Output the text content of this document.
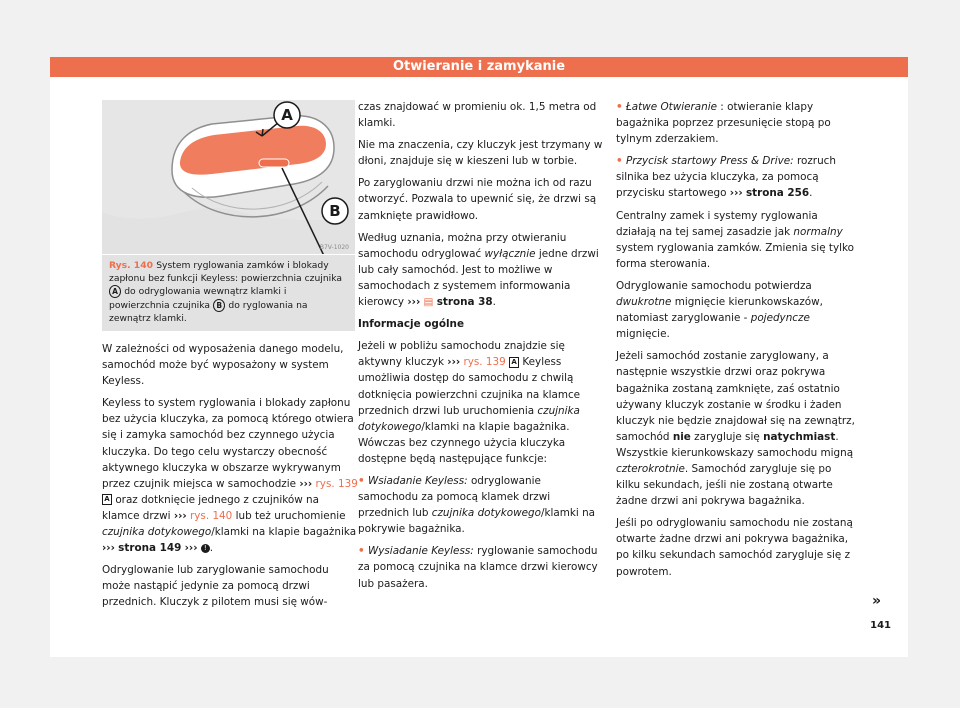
Otwieranie i zamykanie
A
B
B7V-1020
Rys. 140 System ryglowania zamków i blokady zapłonu bez funkcji Keyless: powierzchnia czujnika A do odryglowania wewnątrz klamki i powierzchnia czujnika B do ryglowania na zewnątrz klamki.

W zależności od wyposażenia danego modelu, samochód może być wyposażony w system Keyless.

Keyless to system ryglowania i blokady zapłonu bez użycia kluczyka, za pomocą którego otwiera się i zamyka samochód bez czynnego użycia kluczyka. Do tego celu wystarczy obecność aktywnego kluczyka w obszarze wykrywanym przez czujnik miejsca w samochodzie ››› rys. 139 A oraz dotknięcie jednego z czujników na klamce drzwi ››› rys. 140 lub też uruchomienie czujnika dotykowego/klamki na klapie bagażnika ››› strona 149 ››› ! .

Odryglowanie lub zaryglowanie samochodu może nastąpić jedynie za pomocą drzwi przednich. Kluczyk z pilotem musi się wów-

czas znajdować w promieniu ok. 1,5 metra od klamki.

Nie ma znaczenia, czy kluczyk jest trzymany w dłoni, znajduje się w kieszeni lub w torbie.

Po zaryglowaniu drzwi nie można ich od razu otworzyć. Pozwala to upewnić się, że drzwi są zamknięte prawidłowo.

Według uznania, można przy otwieraniu samochodu odryglować wyłącznie jedne drzwi lub cały samochód. Jest to możliwe w samochodach z systemem informowania kierowcy ››› ▤ strona 38.

Informacje ogólne

Jeżeli w pobliżu samochodu znajdzie się aktywny kluczyk ››› rys. 139 A Keyless umożliwia dostęp do samochodu z chwilą dotknięcia powierzchni czujnika na klamce przednich drzwi lub uruchomienia czujnika dotykowego/klamki na klapie bagażnika. Wówczas bez czynnego użycia kluczyka dostępne będą następujące funkcje:

• Wsiadanie Keyless: odryglowanie samochodu za pomocą klamek drzwi przednich lub czujnika dotykowego/klamki na pokrywie bagażnika.

• Wysiadanie Keyless: ryglowanie samochodu za pomocą czujnika na klamce drzwi kierowcy lub pasażera.

• Łatwe Otwieranie : otwieranie klapy bagażnika poprzez przesunięcie stopą po tylnym zderzakiem.

• Przycisk startowy Press & Drive: rozruch silnika bez użycia kluczyka, za pomocą przycisku startowego ››› strona 256.

Centralny zamek i systemy ryglowania działają na tej samej zasadzie jak normalny system ryglowania zamków. Zmienia się tylko forma sterowania.

Odryglowanie samochodu potwierdza dwukrotne mignięcie kierunkowskazów, natomiast zaryglowanie - pojedyncze mignięcie.

Jeżeli samochód zostanie zaryglowany, a następnie wszystkie drzwi oraz pokrywa bagażnika zostaną zamknięte, zaś ostatnio używany kluczyk zostanie w środku i żaden kluczyk nie będzie znajdował się na zewnątrz, samochód nie zarygluje się natychmiast. Wszystkie kierunkowskazy samochodu migną czterokrotnie. Samochód zarygluje się po kilku sekundach, jeśli nie zostaną otwarte żadne drzwi ani pokrywa bagażnika.

Jeśli po odryglowaniu samochodu nie zostaną otwarte żadne drzwi ani pokrywa bagażnika, po kilku sekundach samochód zarygluje się z powrotem.

»
141
